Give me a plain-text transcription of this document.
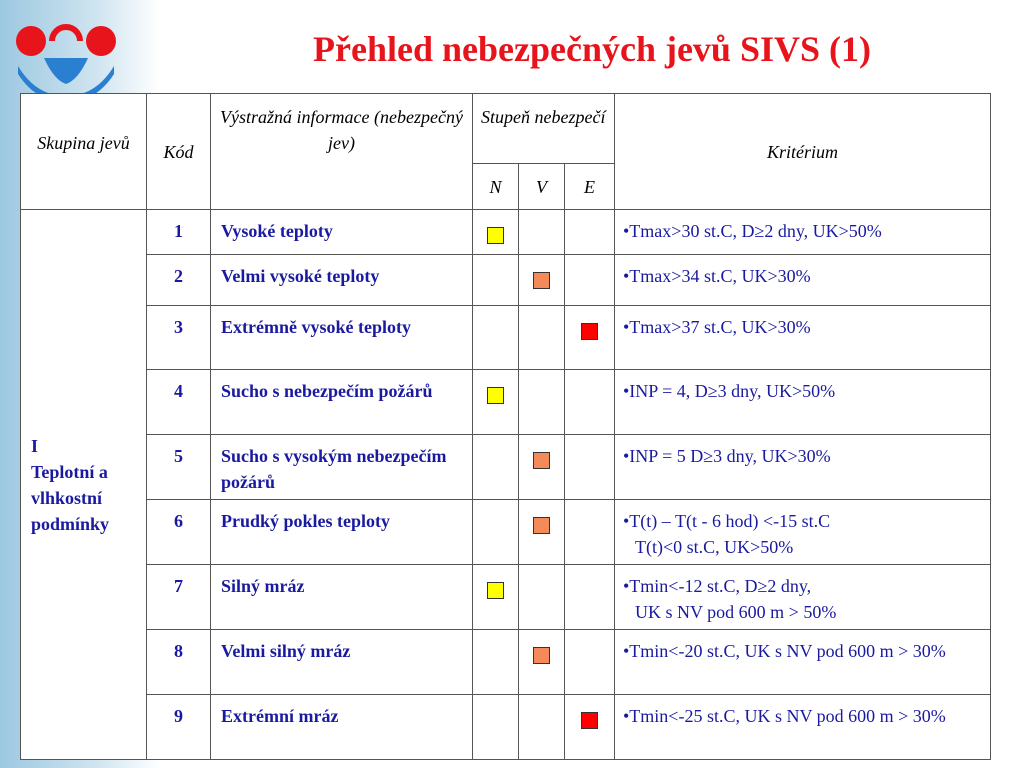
Přehled nebezpečných jevů SIVS (1)
Skupina jevů	Kód	Výstražná informace (nebezpečný jev)	Stupeň nebezpečí			Kritérium
			N	V	E	

I
Teplotní a vlhkostní podmínky	1	Vysoké teploty				•Tmax>30 st.C, D≥2 dny, UK>50%

	2	Velmi vysoké teploty				•Tmax>34 st.C, UK>30%

	3	Extrémně vysoké teploty				•Tmax>37 st.C, UK>30%

	4	Sucho s nebezpečím požárů				•INP = 4, D≥3 dny, UK>50%

	5	Sucho s vysokým nebezpečím požárů				•INP = 5 D≥3 dny, UK>30%

	6	Prudký pokles teploty				•T(t) – T(t - 6 hod) <-15 st.C
T(t)<0 st.C, UK>50%

	7	Silný mráz				•Tmin<-12 st.C, D≥2 dny,
UK s NV pod 600 m > 50%

	8	Velmi silný mráz				•Tmin<-20 st.C, UK s NV pod 600 m > 30%

	9	Extrémní mráz				•Tmin<-25 st.C, UK s NV pod 600 m > 30%
